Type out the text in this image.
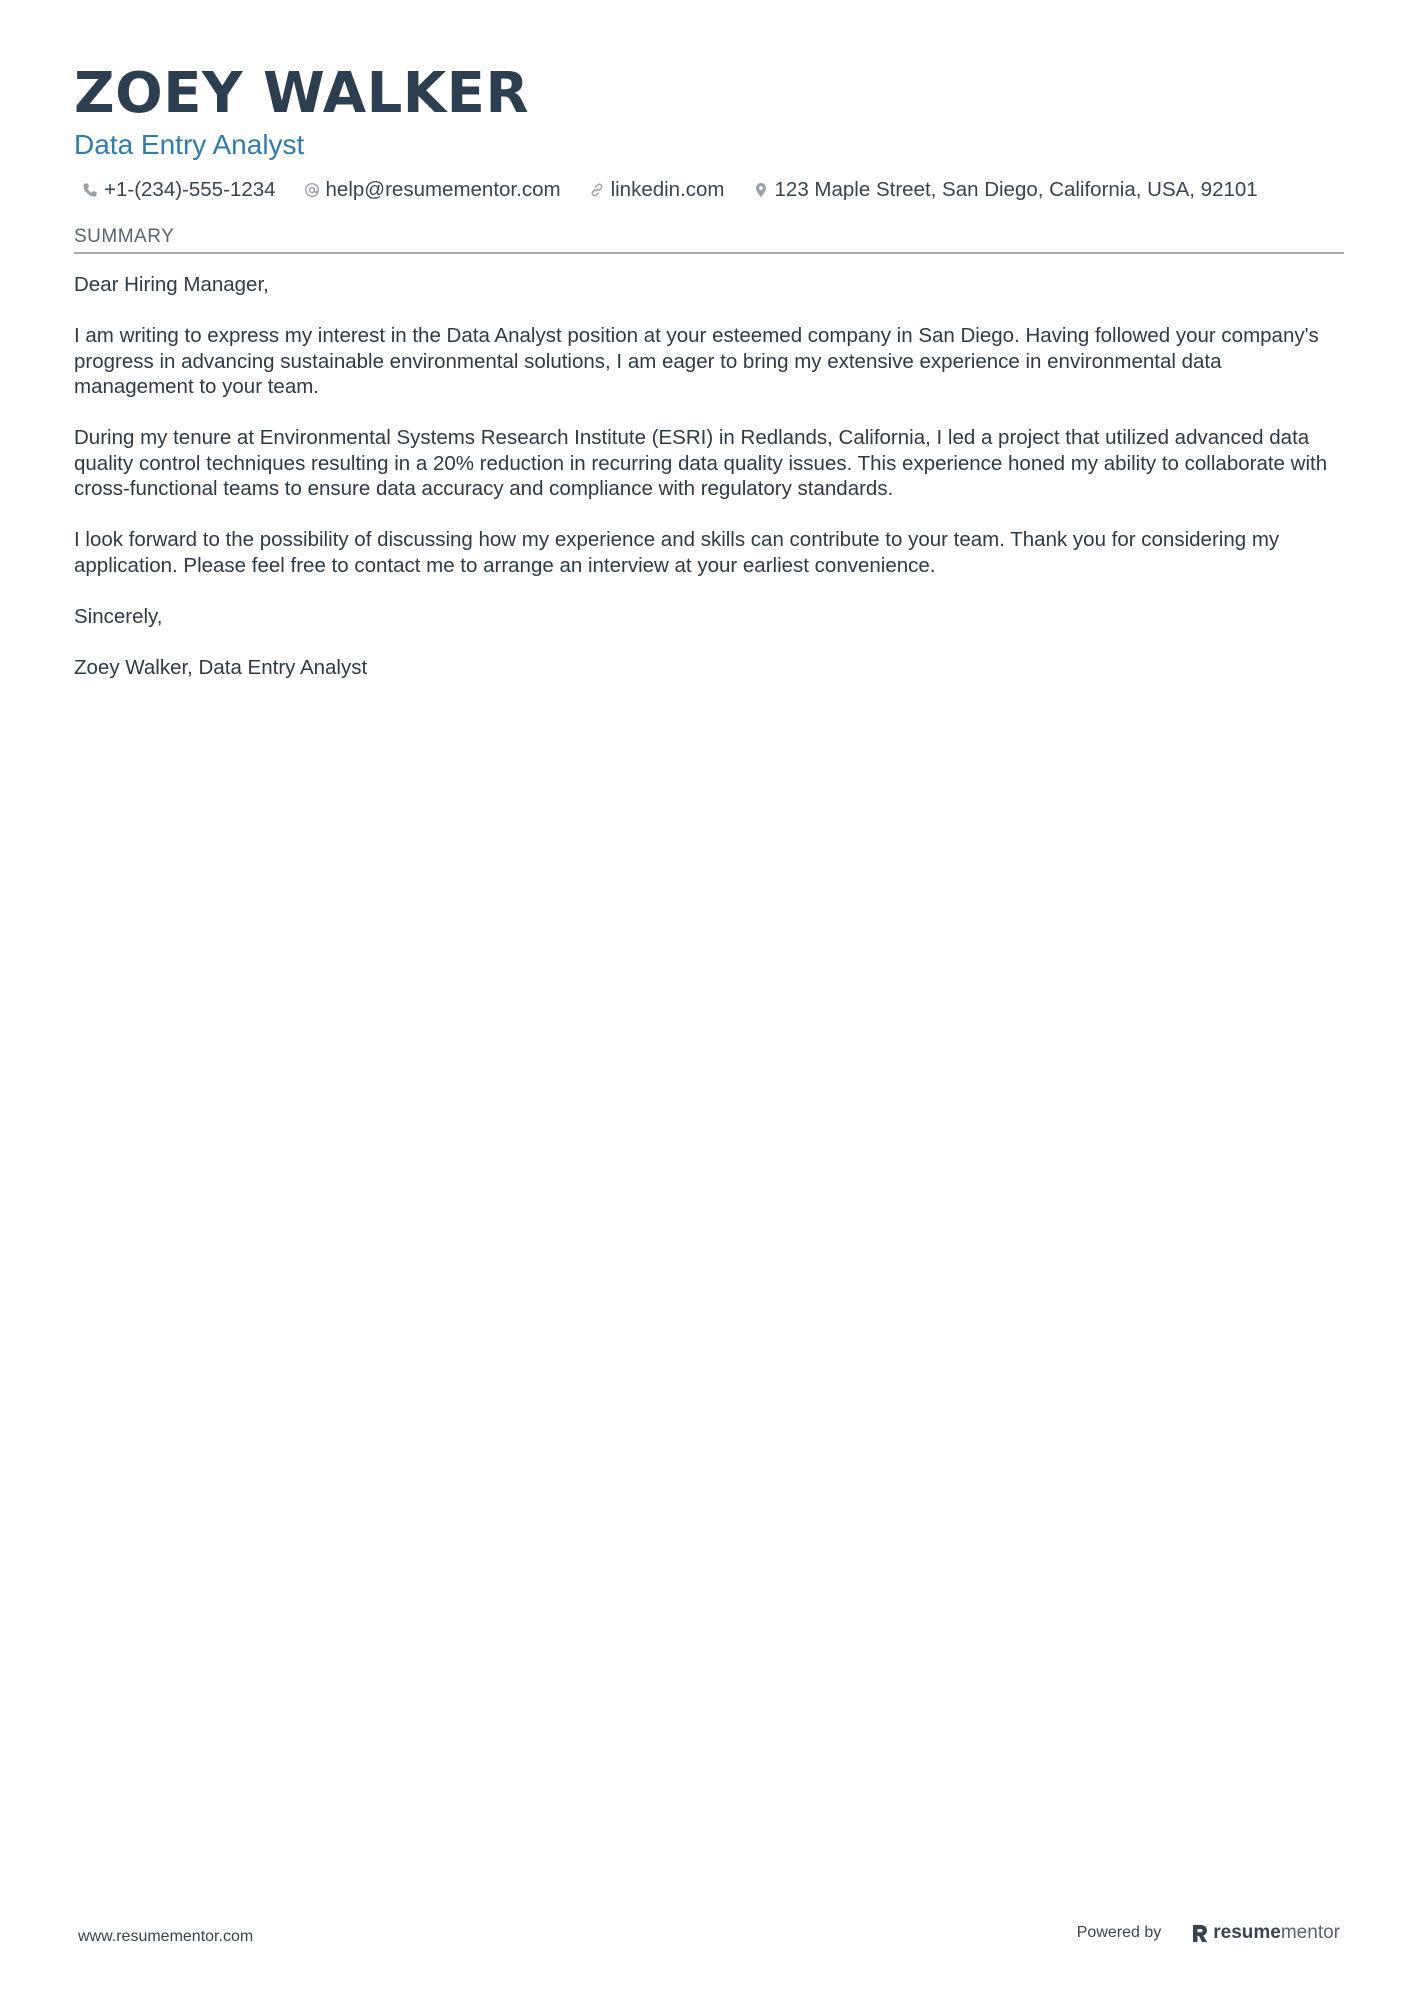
ZOEY WALKER
Data Entry Analyst
+1-(234)-555-1234 help@resumementor.com linkedin.com 123 Maple Street, San Diego, California, USA, 92101
SUMMARY

Dear Hiring Manager,

I am writing to express my interest in the Data Analyst position at your esteemed company in San Diego. Having followed your company's progress in advancing sustainable environmental solutions, I am eager to bring my extensive experience in environmental data management to your team.

During my tenure at Environmental Systems Research Institute (ESRI) in Redlands, California, I led a project that utilized advanced data quality control techniques resulting in a 20% reduction in recurring data quality issues. This experience honed my ability to collaborate with cross-functional teams to ensure data accuracy and compliance with regulatory standards.

I look forward to the possibility of discussing how my experience and skills can contribute to your team. Thank you for considering my application. Please feel free to contact me to arrange an interview at your earliest convenience.

Sincerely,

Zoey Walker, Data Entry Analyst

www.resumementor.com	Powered by	resume mentor
